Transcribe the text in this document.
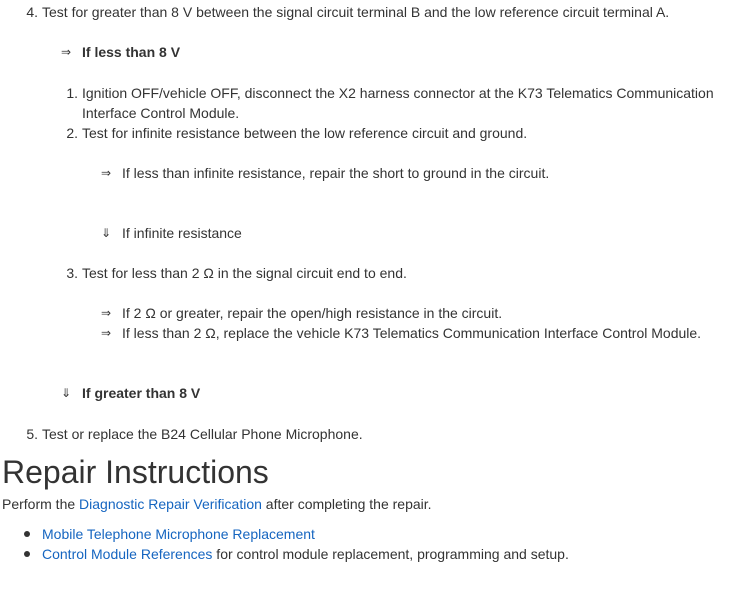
4. Test for greater than 8 V between the signal circuit terminal B and the low reference circuit terminal A.
⇒ If less than 8 V
1. Ignition OFF/vehicle OFF, disconnect the X2 harness connector at the K73 Telematics Communication
Interface Control Module.
2. Test for infinite resistance between the low reference circuit and ground.
⇒ If less than infinite resistance, repair the short to ground in the circuit.
⇓ If infinite resistance
3. Test for less than 2 Ω in the signal circuit end to end.
⇒ If 2 Ω or greater, repair the open/high resistance in the circuit.
⇒ If less than 2 Ω, replace the vehicle K73 Telematics Communication Interface Control Module.
⇓ If greater than 8 V
5. Test or replace the B24 Cellular Phone Microphone.
Repair Instructions
Perform the Diagnostic Repair Verification after completing the repair.
Mobile Telephone Microphone Replacement
Control Module References for control module replacement, programming and setup.
